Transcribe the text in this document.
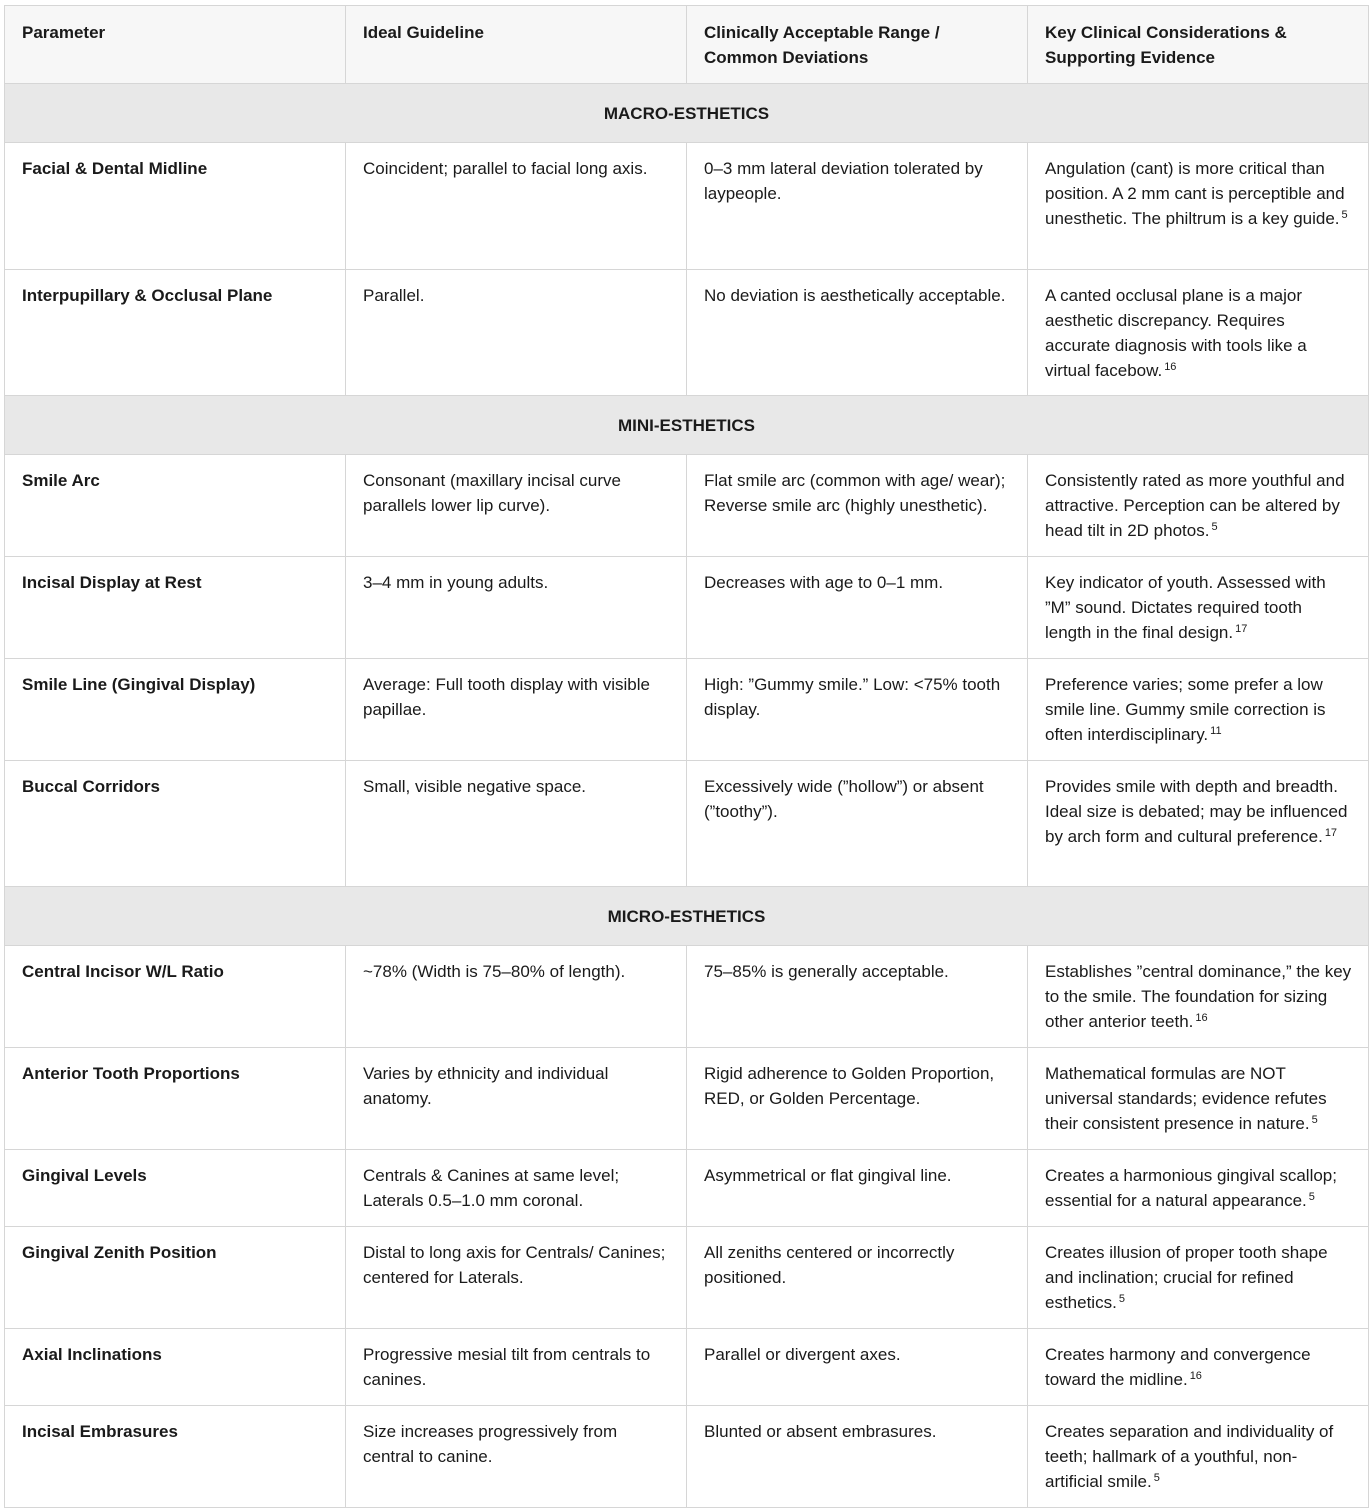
Parameter	Ideal Guideline	Clinically Acceptable Range / Common Deviations	Key Clinical Considerations & Supporting Evidence
MACRO-ESTHETICS			
Facial & Dental Midline	Coincident; parallel to facial long axis.	0–3 mm lateral deviation tolerated by laypeople.	Angulation (cant) is more critical than position. A 2 mm cant is perceptible and unesthetic. The philtrum is a key guide. $^5$
Interpupillary & Occlusal Plane	Parallel.	No deviation is aesthetically acceptable.	A canted occlusal plane is a major aesthetic discrepancy. Requires accurate diagnosis with tools like a virtual facebow. $^{16}$
MINI-ESTHETICS			
Smile Arc	Consonant (maxillary incisal curve parallels lower lip curve).	Flat smile arc (common with age/ wear); Reverse smile arc (highly unesthetic).	Consistently rated as more youthful and attractive. Perception can be altered by head tilt in 2D photos. $^5$
Incisal Display at Rest	3–4 mm in young adults.	Decreases with age to 0–1 mm.	Key indicator of youth. Assessed with ”M” sound. Dictates required tooth length in the final design. $^{17}$
Smile Line (Gingival Display)	Average: Full tooth display with visible papillae.	High: ”Gummy smile.” Low: <75% tooth display.	Preference varies; some prefer a low smile line. Gummy smile correction is often interdisciplinary. $^{11}$
Buccal Corridors	Small, visible negative space.	Excessively wide (”hollow”) or absent (”toothy”).	Provides smile with depth and breadth. Ideal size is debated; may be influenced by arch form and cultural preference. $^{17}$
MICRO-ESTHETICS			
Central Incisor W/L Ratio	~78% (Width is 75–80% of length).	75–85% is generally acceptable.	Establishes ”central dominance,” the key to the smile. The foundation for sizing other anterior teeth. $^{16}$
Anterior Tooth Proportions	Varies by ethnicity and individual anatomy.	Rigid adherence to Golden Proportion, RED, or Golden Percentage.	Mathematical formulas are NOT universal standards; evidence refutes their consistent presence in nature. $^5$
Gingival Levels	Centrals & Canines at same level; Laterals 0.5–1.0 mm coronal.	Asymmetrical or flat gingival line.	Creates a harmonious gingival scallop; essential for a natural appearance. $^5$
Gingival Zenith Position	Distal to long axis for Centrals/ Canines; centered for Laterals.	All zeniths centered or incorrectly positioned.	Creates illusion of proper tooth shape and inclination; crucial for refined esthetics. $^5$
Axial Inclinations	Progressive mesial tilt from centrals to canines.	Parallel or divergent axes.	Creates harmony and convergence toward the midline. $^{16}$
Incisal Embrasures	Size increases progressively from central to canine.	Blunted or absent embrasures.	Creates separation and individuality of teeth; hallmark of a youthful, non-artificial smile. $^5$
